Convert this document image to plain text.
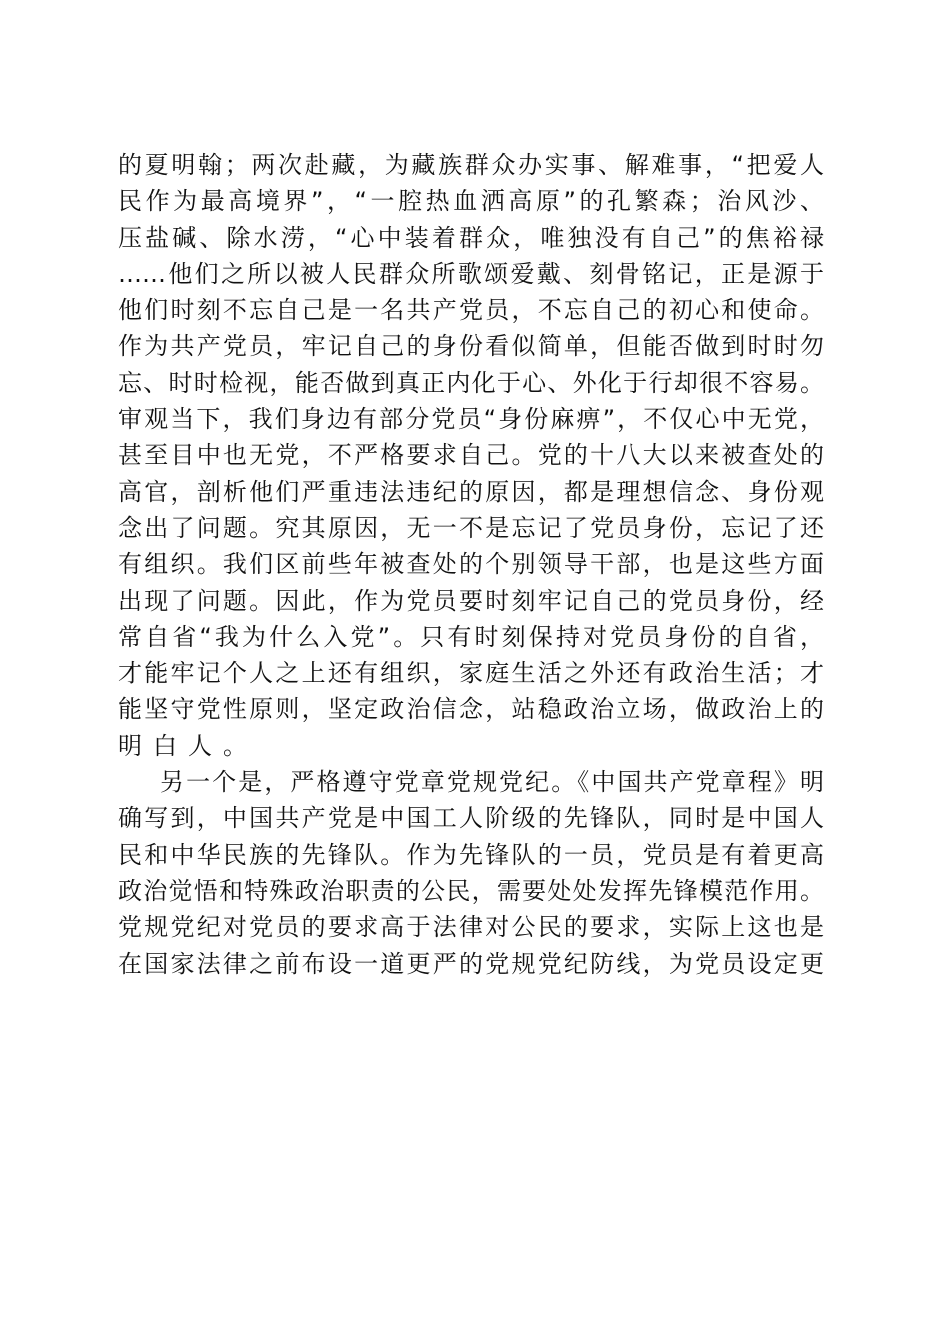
的夏明翰；两次赴藏，为藏族群众办实事、解难事，“把爱人
民作为最高境界”，“一腔热血洒高原”的孔繁森；治风沙、
压盐碱、除水涝，“心中装着群众，唯独没有自己”的焦裕禄
……他们之所以被人民群众所歌颂爱戴、刻骨铭记，正是源于
他们时刻不忘自己是一名共产党员，不忘自己的初心和使命。
作为共产党员，牢记自己的身份看似简单，但能否做到时时勿
忘、时时检视，能否做到真正内化于心、外化于行却很不容易。
审观当下，我们身边有部分党员“身份麻痹”，不仅心中无党，
甚至目中也无党，不严格要求自己。党的十八大以来被查处的
高官，剖析他们严重违法违纪的原因，都是理想信念、身份观
念出了问题。究其原因，无一不是忘记了党员身份，忘记了还
有组织。我们区前些年被查处的个别领导干部，也是这些方面
出现了问题。因此，作为党员要时刻牢记自己的党员身份，经
常自省“我为什么入党”。只有时刻保持对党员身份的自省，
才能牢记个人之上还有组织，家庭生活之外还有政治生活；才
能坚守党性原则，坚定政治信念，站稳政治立场，做政治上的
明白人。
另一个是，严格遵守党章党规党纪。《中国共产党章程》明
确写到，中国共产党是中国工人阶级的先锋队，同时是中国人
民和中华民族的先锋队。作为先锋队的一员，党员是有着更高
政治觉悟和特殊政治职责的公民，需要处处发挥先锋模范作用。
党规党纪对党员的要求高于法律对公民的要求，实际上这也是
在国家法律之前布设一道更严的党规党纪防线，为党员设定更
